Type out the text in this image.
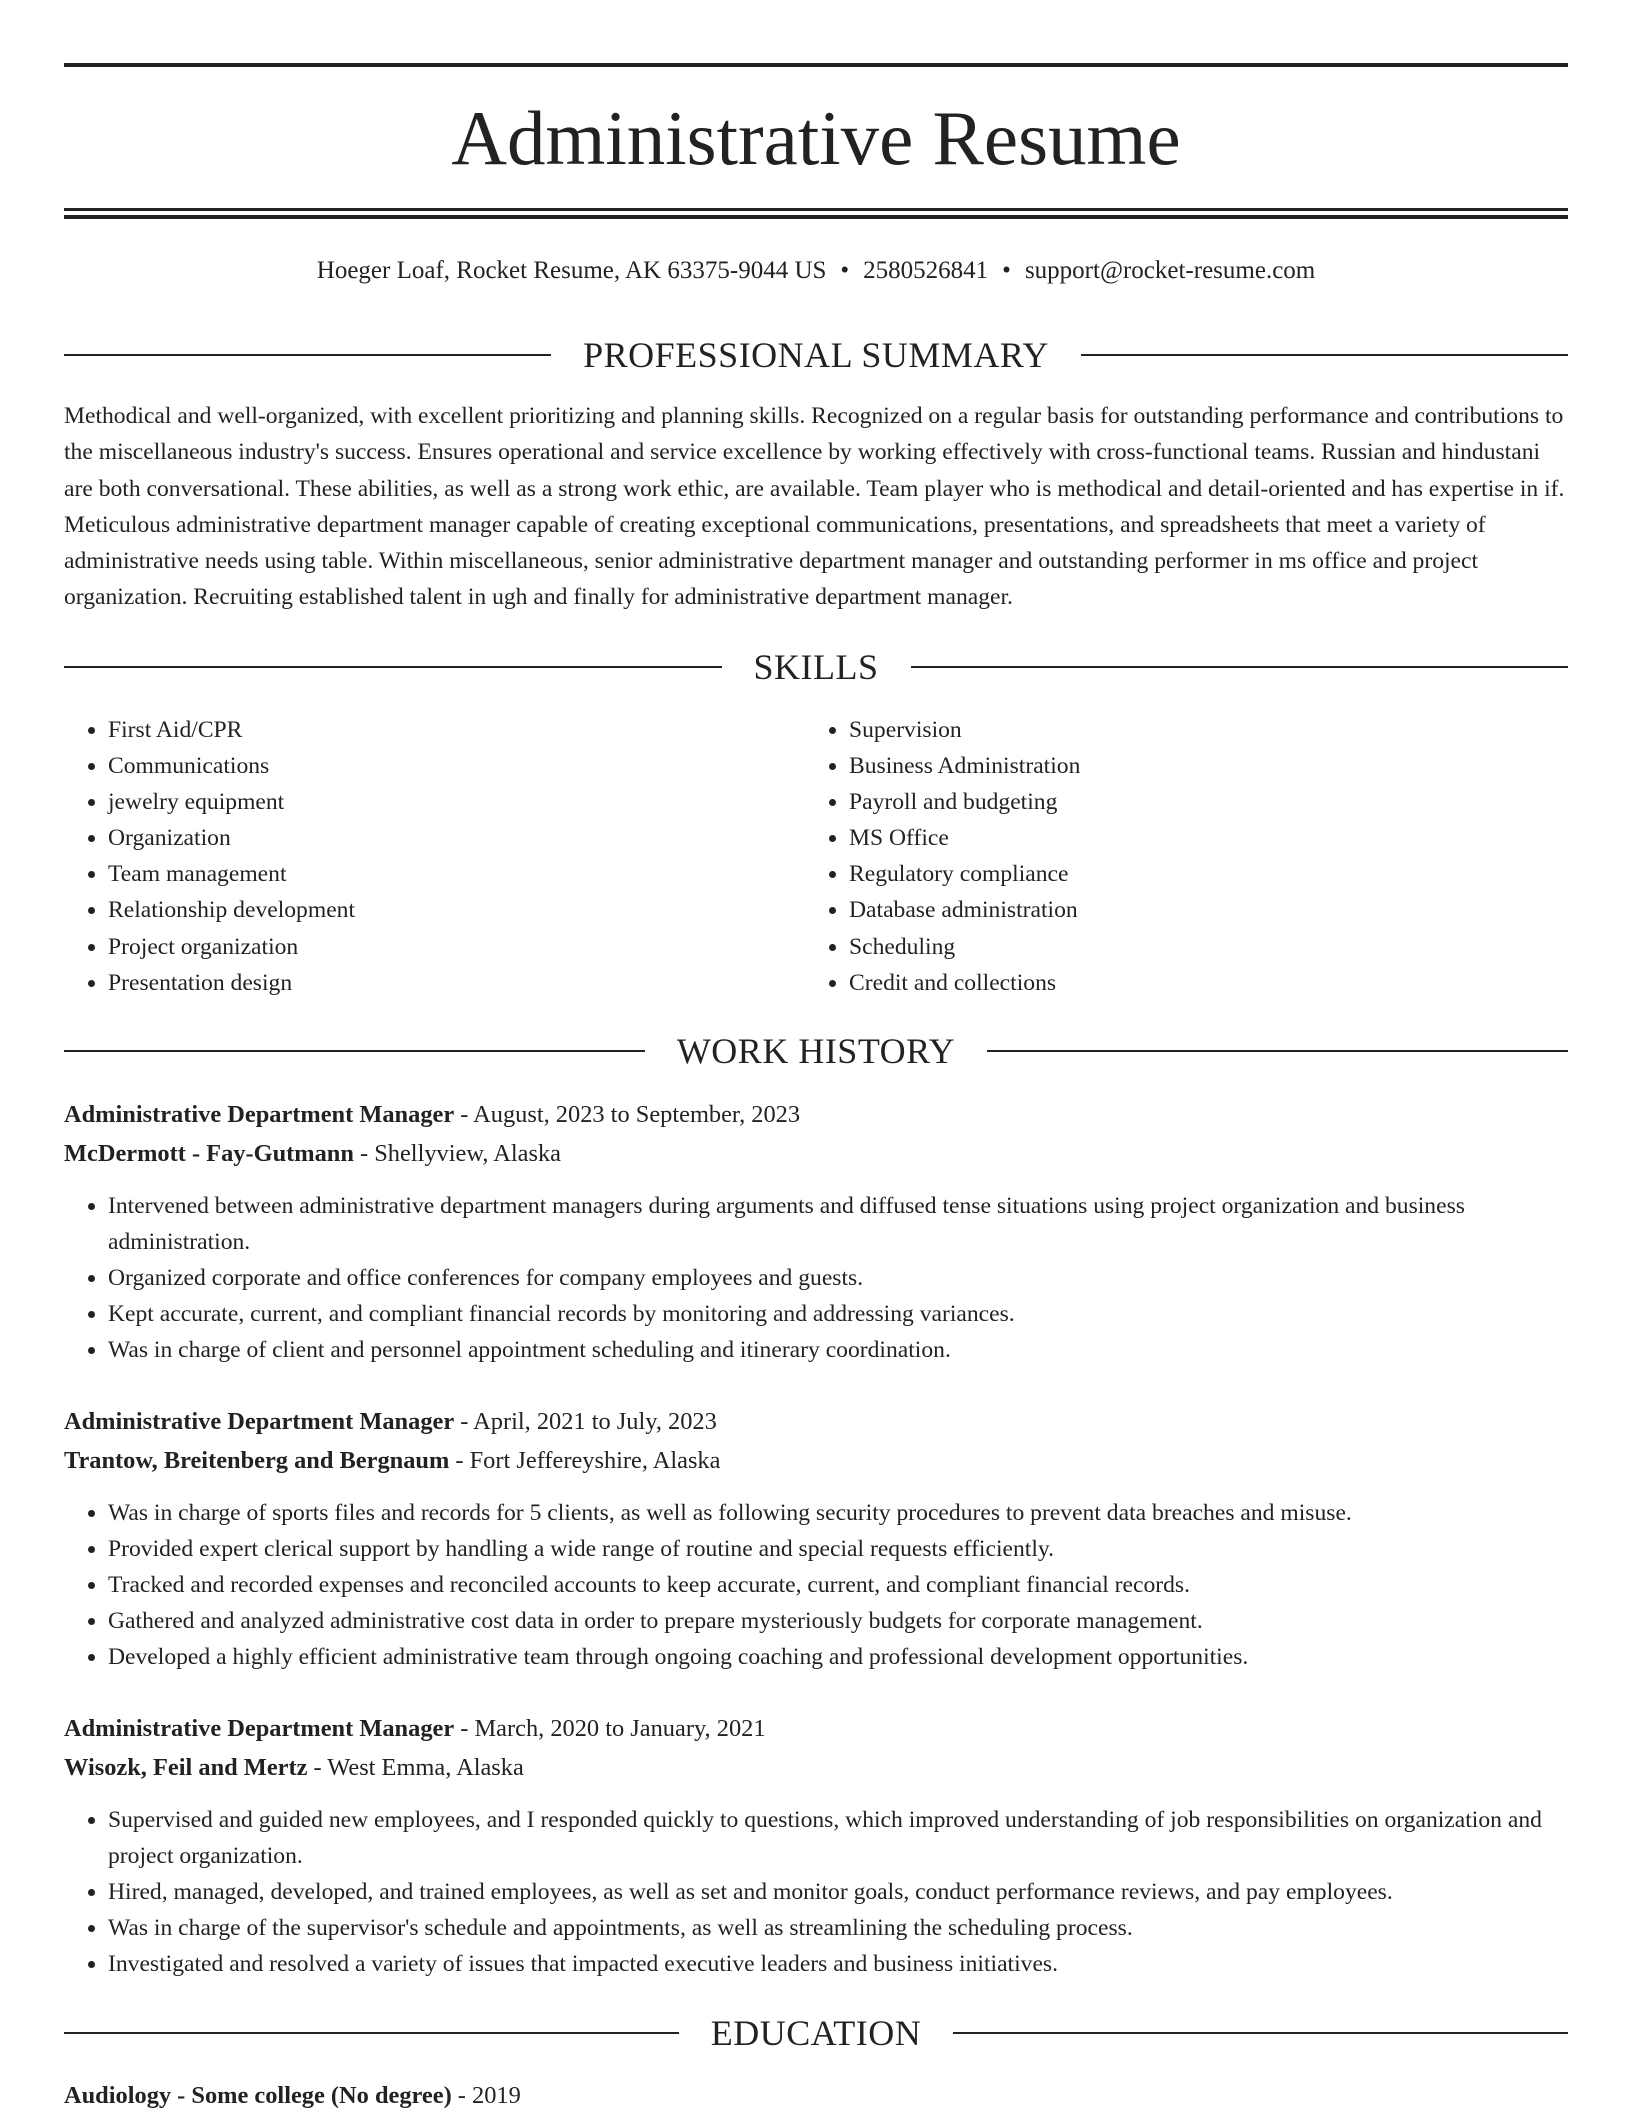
Administrative Resume
Hoeger Loaf, Rocket Resume, AK 63375-9044 US • 2580526841 • support@rocket-resume.com
PROFESSIONAL SUMMARY

Methodical and well-organized, with excellent prioritizing and planning skills. Recognized on a regular basis for outstanding performance and contributions to the miscellaneous industry's success. Ensures operational and service excellence by working effectively with cross-functional teams. Russian and hindustani are both conversational. These abilities, as well as a strong work ethic, are available. Team player who is methodical and detail-oriented and has expertise in if. Meticulous administrative department manager capable of creating exceptional communications, presentations, and spreadsheets that meet a variety of administrative needs using table. Within miscellaneous, senior administrative department manager and outstanding performer in ms office and project organization. Recruiting established talent in ugh and finally for administrative department manager.

SKILLS
• First Aid/CPR
• Communications
• jewelry equipment
• Organization
• Team management
• Relationship development
• Project organization
• Presentation design
• Supervision
• Business Administration
• Payroll and budgeting
• MS Office
• Regulatory compliance
• Database administration
• Scheduling
• Credit and collections
WORK HISTORY
Administrative Department Manager - August, 2023 to September, 2023
McDermott - Fay-Gutmann - Shellyview, Alaska
• Intervened between administrative department managers during arguments and diffused tense situations using project organization and business administration.
• Organized corporate and office conferences for company employees and guests.
• Kept accurate, current, and compliant financial records by monitoring and addressing variances.
• Was in charge of client and personnel appointment scheduling and itinerary coordination.
Administrative Department Manager - April, 2021 to July, 2023
Trantow, Breitenberg and Bergnaum - Fort Jeffereyshire, Alaska
• Was in charge of sports files and records for 5 clients, as well as following security procedures to prevent data breaches and misuse.
• Provided expert clerical support by handling a wide range of routine and special requests efficiently.
• Tracked and recorded expenses and reconciled accounts to keep accurate, current, and compliant financial records.
• Gathered and analyzed administrative cost data in order to prepare mysteriously budgets for corporate management.
• Developed a highly efficient administrative team through ongoing coaching and professional development opportunities.
Administrative Department Manager - March, 2020 to January, 2021
Wisozk, Feil and Mertz - West Emma, Alaska
• Supervised and guided new employees, and I responded quickly to questions, which improved understanding of job responsibilities on organization and project organization.
• Hired, managed, developed, and trained employees, as well as set and monitor goals, conduct performance reviews, and pay employees.
• Was in charge of the supervisor's schedule and appointments, as well as streamlining the scheduling process.
• Investigated and resolved a variety of issues that impacted executive leaders and business initiatives.
EDUCATION
Audiology - Some college (No degree) - 2019
